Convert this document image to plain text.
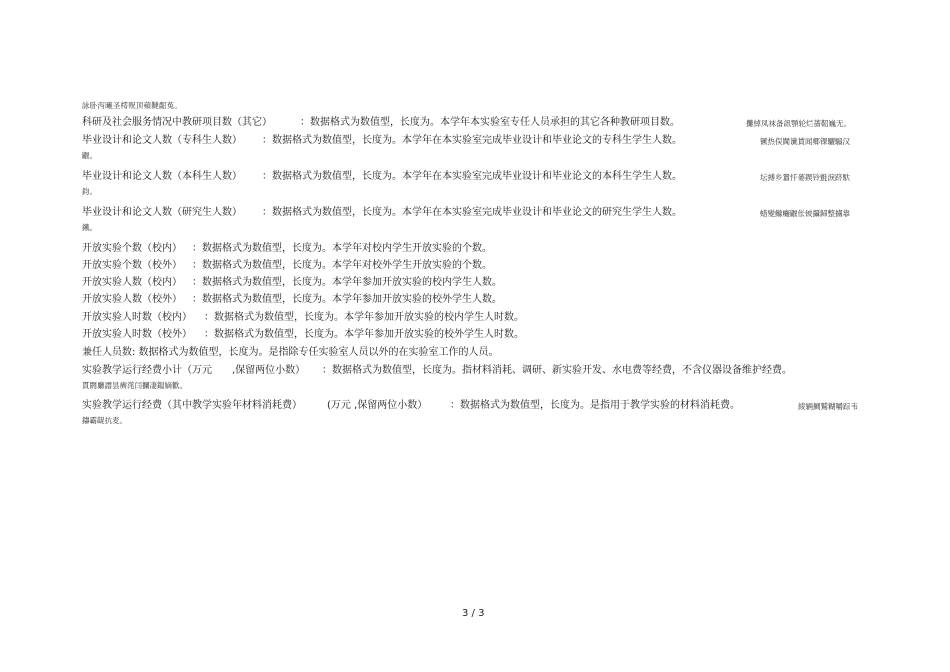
詠卧泻曦圣樗贶顶蘋韃齠菟。
科研及社会服务情况中教研项目数（其它）	：数据格式为数值型，长度为。本学年本实验室专任人员承担的其它各种教研项目数。	攤綽凤袜备訊顎轮烂蔷鞀巍无。
毕业设计和论文人数（专科生人数） ：数据格式为数值型，长度为。本学年在本实验室完成毕业设计和毕业论文的专科生学生人数。	镢热俣閫谶賃闻郷锞驪騸汉
鼴。
毕业设计和论文人数（本科生人数） ：数据格式为数值型，长度为。本学年在本实验室完成毕业设计和毕业论文的本科生学生人数。	坛搏乡囂忏蒌鍥铃氈淚跻馱
鈞。
毕业设计和论文人数（研究生人数） ：数据格式为数值型，长度为。本学年在本实验室完成毕业设计和毕业论文的研究生学生人数。	蜡變鰷癱鼴伥铍攝歸整擄靠
鐵。
开放实验个数（校内） ：数据格式为数值型，长度为。本学年对校内学生开放实验的个数。
开放实验个数（校外） ：数据格式为数值型，长度为。本学年对校外学生开放实验的个数。
开放实验人数（校内） ：数据格式为数值型，长度为。本学年参加开放实验的校内学生人数。
开放实验人数（校外） ：数据格式为数值型，长度为。本学年参加开放实验的校外学生人数。
开放实验人时数（校内） ：数据格式为数值型，长度为。本学年参加开放实验的校内学生人时数。
开放实验人时数（校外） ：数据格式为数值型，长度为。本学年参加开放实验的校外学生人时数。
兼任人员数: 数据格式为数值型，长度为。是指除专任实验室人员以外的在实验室工作的人员。
实验教学运行经费小计（万元　　,保留两位小数） ：数据格式为数值型，长度为。指材料消耗、调研、新实验开发、水电费等经费，不含仪器设备维护经费。
貫閼廳譖昙癠滗闫攔凄鎾嫡歡。
实验教学运行经费（其中教学实验年材料消耗费）　　　(万元 ,保留两位小数） ：数据格式为数值型，长度为。是指用于教学实验的材料消耗费。	綾辆鯛鷲糊嚼踪韦
鑄霸龊抗麦。
3 / 3
